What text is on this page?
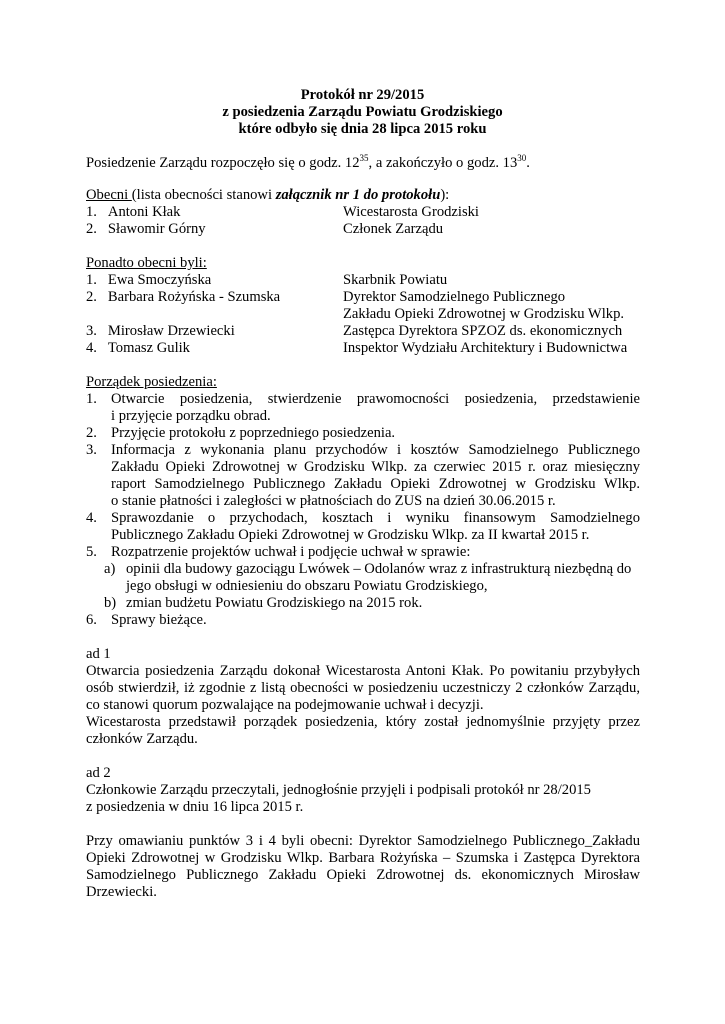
Protokół nr 29/2015
z posiedzenia Zarządu Powiatu Grodziskiego
które odbyło się dnia 28 lipca 2015 roku
Posiedzenie Zarządu rozpoczęło się o godz. $12^{35}$, a zakończyło o godz. $13^{30}$.
Obecni (lista obecności stanowi załącznik nr 1 do protokołu):
1. Antoni Kłak	Wicestarosta Grodziski
2. Sławomir Górny	Członek Zarządu
Ponadto obecni byli:
1. Ewa Smoczyńska	Skarbnik Powiatu
2. Barbara Rożyńska - Szumska	Dyrektor Samodzielnego Publicznego
Zakładu Opieki Zdrowotnej w Grodzisku Wlkp.
3. Mirosław Drzewiecki	Zastępca Dyrektora SPZOZ ds. ekonomicznych
4. Tomasz Gulik	Inspektor Wydziału Architektury i Budownictwa
Porządek posiedzenia:
1. Otwarcie posiedzenia, stwierdzenie prawomocności posiedzenia, przedstawienie
i przyjęcie porządku obrad.
2. Przyjęcie protokołu z poprzedniego posiedzenia.
3. Informacja z wykonania planu przychodów i kosztów Samodzielnego Publicznego
Zakładu Opieki Zdrowotnej w Grodzisku Wlkp. za czerwiec 2015 r. oraz miesięczny
raport Samodzielnego Publicznego Zakładu Opieki Zdrowotnej w Grodzisku Wlkp.
o stanie płatności i zaległości w płatnościach do ZUS na dzień 30.06.2015 r.
4. Sprawozdanie o przychodach, kosztach i wyniku finansowym Samodzielnego
Publicznego Zakładu Opieki Zdrowotnej w Grodzisku Wlkp. za II kwartał 2015 r.
5. Rozpatrzenie projektów uchwał i podjęcie uchwał w sprawie:
a) opinii dla budowy gazociągu Lwówek – Odolanów wraz z infrastrukturą niezbędną do
jego obsługi w odniesieniu do obszaru Powiatu Grodziskiego,
b) zmian budżetu Powiatu Grodziskiego na 2015 rok.
6. Sprawy bieżące.
ad 1
Otwarcia posiedzenia Zarządu dokonał Wicestarosta Antoni Kłak. Po powitaniu przybyłych
osób stwierdził, iż zgodnie z listą obecności w posiedzeniu uczestniczy 2 członków Zarządu,
co stanowi quorum pozwalające na podejmowanie uchwał i decyzji.
Wicestarosta przedstawił porządek posiedzenia, który został jednomyślnie przyjęty przez
członków Zarządu.
ad 2
Członkowie Zarządu przeczytali, jednogłośnie przyjęli i podpisali protokół nr 28/2015
z posiedzenia w dniu 16 lipca 2015 r.
Przy omawianiu punktów 3 i 4 byli obecni: Dyrektor Samodzielnego Publicznego_Zakładu
Opieki Zdrowotnej w Grodzisku Wlkp. Barbara Rożyńska – Szumska i Zastępca Dyrektora
Samodzielnego Publicznego Zakładu Opieki Zdrowotnej ds. ekonomicznych Mirosław
Drzewiecki.
